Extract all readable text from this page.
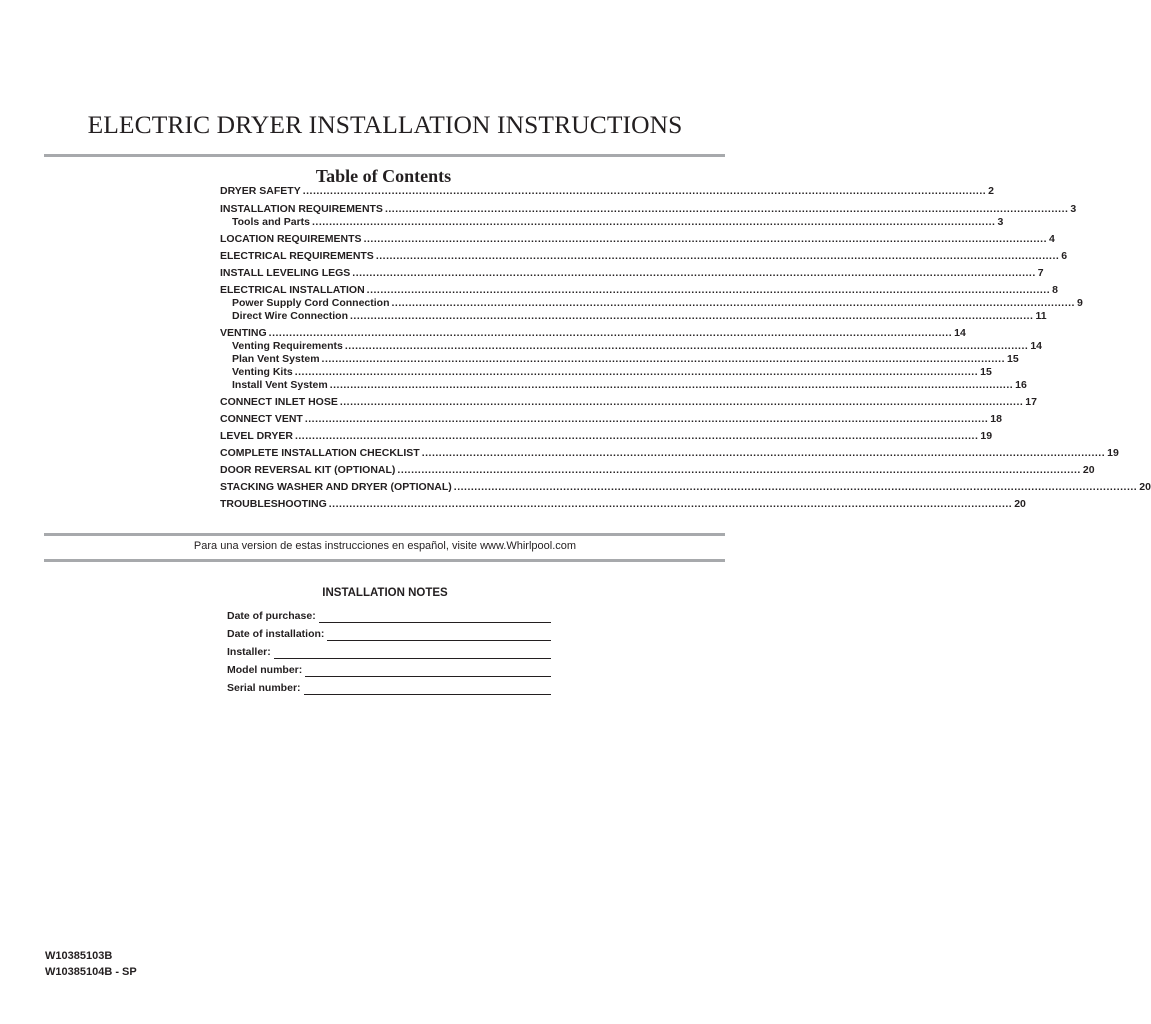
ELECTRIC DRYER INSTALLATION INSTRUCTIONS
Table of Contents
DRYER SAFETY ........................................................................................................................................................................................................ 2
INSTALLATION REQUIREMENTS ........................................................................................................................................................................................................ 3
Tools and Parts ........................................................................................................................................................................................................ 3
LOCATION REQUIREMENTS ........................................................................................................................................................................................................ 4
ELECTRICAL REQUIREMENTS ........................................................................................................................................................................................................ 6
INSTALL LEVELING LEGS ........................................................................................................................................................................................................ 7
ELECTRICAL INSTALLATION ........................................................................................................................................................................................................ 8
Power Supply Cord Connection ........................................................................................................................................................................................................ 9
Direct Wire Connection ........................................................................................................................................................................................................ 11
VENTING ........................................................................................................................................................................................................ 14
Venting Requirements ........................................................................................................................................................................................................ 14
Plan Vent System ........................................................................................................................................................................................................ 15
Venting Kits ........................................................................................................................................................................................................ 15
Install Vent System ........................................................................................................................................................................................................ 16
CONNECT INLET HOSE ........................................................................................................................................................................................................ 17
CONNECT VENT ........................................................................................................................................................................................................ 18
LEVEL DRYER ........................................................................................................................................................................................................ 19
COMPLETE INSTALLATION CHECKLIST ........................................................................................................................................................................................................ 19
DOOR REVERSAL KIT (OPTIONAL) ........................................................................................................................................................................................................ 20
STACKING WASHER AND DRYER (OPTIONAL) ........................................................................................................................................................................................................ 20
TROUBLESHOOTING ........................................................................................................................................................................................................ 20

Para una version de estas instrucciones en español, visite www.Whirlpool.com

INSTALLATION NOTES
Date of purchase:
Date of installation:
Installer:
Model number:
Serial number:
W10385103B
W10385104B - SP
